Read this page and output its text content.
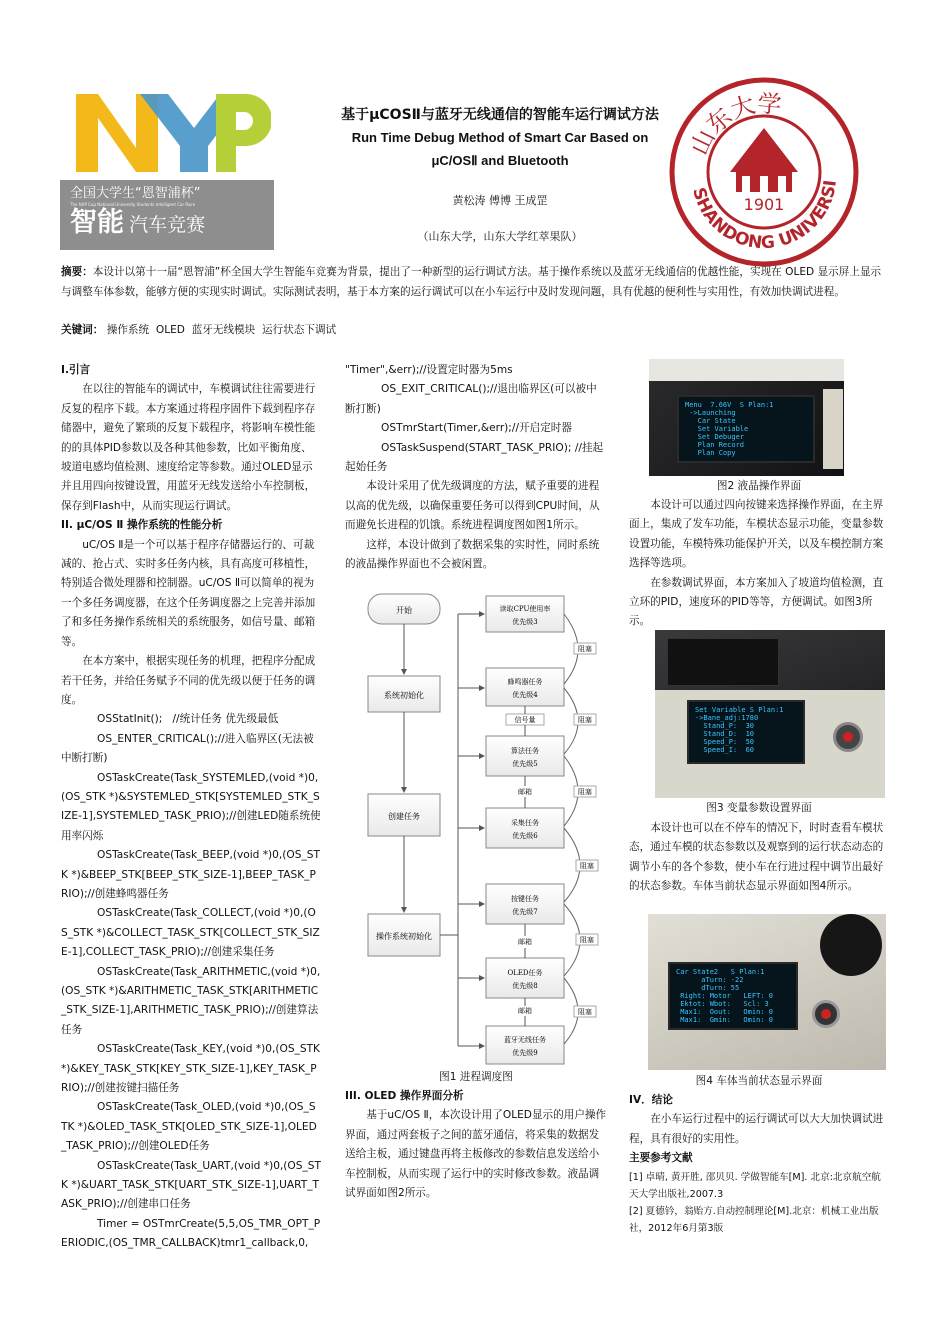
全国大学生“恩智浦杯”
The NXP Cup National University Students Intelligent Car Race
智能 汽车竞赛
基于μCOSⅡ与蓝牙无线通信的智能车运行调试方法
Run Time Debug Method of Smart Car Based on
μC/OSⅡ and Bluetooth
黄松涛 傅博 王成罡
（山东大学，山东大学红萃果队）
山东大学
SHANDONG UNIVERSI
1901
摘要：本设计以第十一届“恩智浦”杯全国大学生智能车竞赛为背景，提出了一种新型的运行调试方法。基于操作系统以及蓝牙无线通信的优越性能，实现在 OLED 显示屏上显示与调整车体参数，能够方便的实现实时调试。实际测试表明，基于本方案的运行调试可以在小车运行中及时发现问题，具有优越的便利性与实用性，有效加快调试进程。
关键词： 操作系统  OLED  蓝牙无线模块  运行状态下调试
I.引言

在以往的智能车的调试中，车模调试往往需要进行反复的程序下载。本方案通过将程序固件下载到程序存储器中，避免了繁琐的反复下载程序，将影响车模性能的的具体PID参数以及各种其他参数，比如平衡角度、坡道电感均值检测、速度给定等参数。通过OLED显示并且用四向按键设置，用蓝牙无线发送给小车控制板，保存到Flash中，从而实现运行调试。

II. μC/OS Ⅱ 操作系统的性能分析

uC/OS Ⅱ是一个可以基于程序存储器运行的、可裁减的、抢占式、实时多任务内核，具有高度可移植性，特别适合微处理器和控制器。uC/OS Ⅱ可以简单的视为一个多任务调度器，在这个任务调度器之上完善并添加了和多任务操作系统相关的系统服务，如信号量、邮箱等。

在本方案中，根据实现任务的机理，把程序分配成若干任务，并给任务赋予不同的优先级以便于任务的调度。

OSStatInit();   //统计任务 优先级最低

OS_ENTER_CRITICAL();//进入临界区(无法被中断打断)

OSTaskCreate(Task_SYSTEMLED,(void *)0,(OS_STK *)&SYSTEMLED_STK[SYSTEMLED_STK_SIZE-1],SYSTEMLED_TASK_PRIO);//创建LED随系统使用率闪烁

OSTaskCreate(Task_BEEP,(void *)0,(OS_STK *)&BEEP_STK[BEEP_STK_SIZE-1],BEEP_TASK_PRIO);//创建蜂鸣器任务

OSTaskCreate(Task_COLLECT,(void *)0,(OS_STK *)&COLLECT_TASK_STK[COLLECT_STK_SIZE-1],COLLECT_TASK_PRIO);//创建采集任务

OSTaskCreate(Task_ARITHMETIC,(void *)0,(OS_STK *)&ARITHMETIC_TASK_STK[ARITHMETIC_STK_SIZE-1],ARITHMETIC_TASK_PRIO);//创建算法任务

OSTaskCreate(Task_KEY,(void *)0,(OS_STK *)&KEY_TASK_STK[KEY_STK_SIZE-1],KEY_TASK_PRIO);//创建按键扫描任务

OSTaskCreate(Task_OLED,(void *)0,(OS_STK *)&OLED_TASK_STK[OLED_STK_SIZE-1],OLED_TASK_PRIO);//创建OLED任务

OSTaskCreate(Task_UART,(void *)0,(OS_STK *)&UART_TASK_STK[UART_STK_SIZE-1],UART_TASK_PRIO);//创建串口任务

Timer = OSTmrCreate(5,5,OS_TMR_OPT_PERIODIC,(OS_TMR_CALLBACK)tmr1_callback,0,

"Timer",&err);//设置定时器为5ms

OS_EXIT_CRITICAL();//退出临界区(可以被中断打断)

OSTmrStart(Timer,&err);//开启定时器

OSTaskSuspend(START_TASK_PRIO); //挂起起始任务

本设计采用了优先级调度的方法，赋予重要的进程以高的优先级，以确保重要任务可以得到CPU时间，从而避免长进程的饥饿。系统进程调度图如图1所示。

这样，本设计做到了数据采集的实时性，同时系统的液晶操作界面也不会被闲置。

开始
系统初始化
创建任务
操作系统初始化
读取CPU使用率
优先级3
蜂鸣器任务
优先级4
算法任务
优先级5
采集任务
优先级6
按键任务
优先级7
OLED任务
优先级8
蓝牙无线任务
优先级9
信号量
邮箱
邮箱
邮箱
阻塞
阻塞
阻塞
阻塞
阻塞
阻塞
图1 进程调度图
III. OLED 操作界面分析

基于uC/OS Ⅱ，本次设计用了OLED显示的用户操作界面，通过两套板子之间的蓝牙通信，将采集的数据发送给主板，通过键盘再将主板修改的参数信息发送给小车控制板，从而实现了运行中的实时修改参数。液晶调试界面如图2所示。

Menu  7.66V  S Plan:1
->Launching
Car State
Set Variable
Set Debuger
Plan Record
Plan Copy
图2 液晶操作界面

本设计可以通过四向按键来选择操作界面，在主界面上，集成了发车功能，车模状态显示功能，变量参数设置功能，车模特殊功能保护开关，以及车模控制方案选择等选项。

在参数调试界面，本方案加入了坡道均值检测，直立环的PID，速度环的PID等等，方便调试。如图3所示。

Set Variable S Plan:1
->Bane_adj:1780
Stand_P:  30
Stand_D:  10
Speed_P:  50
Speed_I:  60
图3 变量参数设置界面

本设计也可以在不停车的情况下，时时查看车模状态，通过车模的状态参数以及观察到的运行状态动态的调节小车的各个参数，使小车在行进过程中调节出最好的状态参数。车体当前状态显示界面如图4所示。

Car State2   S Plan:1
aTurn: -22
dTurn: 55
Right: Motor   LEFT: 0
Ektot: Wbot:   Scl: 3
Max1:  Oout:   Omin: 0
Max1:  Gmin:   Omin: 0
图4 车体当前状态显示界面
IV．结论

在小车运行过程中的运行调试可以大大加快调试进程，具有很好的实用性。

主要参考文献
[1] 卓晴, 黄开胜, 邵贝贝. 学做智能车[M]. 北京:北京航空航天大学出版社,2007.3
[2] 夏德钤，翁贻方.自动控制理论[M].北京：机械工业出版社，2012年6月第3版
